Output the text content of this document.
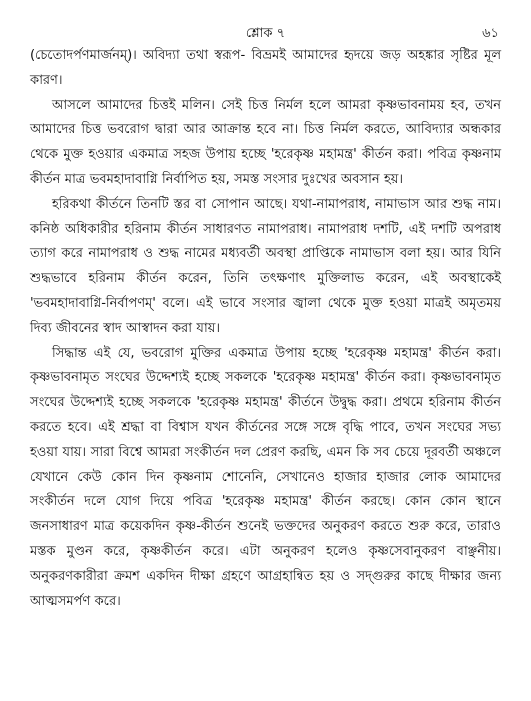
শ্লোক ৭	৬১

(চেতোদর্পণমার্জনম্)। অবিদ্যা তথা স্বরূপ- বিভ্রমই আমাদের হৃদয়ে জড় অহঙ্কার সৃষ্টির মূল কারণ।

আসলে আমাদের চিত্তই মলিন। সেই চিত্ত নির্মল হলে আমরা কৃষ্ণভাবনাময় হব, তখন আমাদের চিত্ত ভবরোগ দ্বারা আর আক্রান্ত হবে না। চিত্ত নির্মল করতে, আবিদ্যার অন্ধকার থেকে মুক্ত হওয়ার একমাত্র সহজ উপায় হচ্ছে 'হরেকৃষ্ণ মহামন্ত্র' কীর্তন করা। পবিত্র কৃষ্ণনাম কীর্তন মাত্র ভবমহাদাবাগ্নি নির্বাপিত হয়, সমস্ত সংসার দুঃখের অবসান হয়।

হরিকথা কীর্তনে তিনটি স্তর বা সোপান আছে। যথা-নামাপরাধ, নামাভাস আর শুদ্ধ নাম। কনিষ্ঠ অধিকারীর হরিনাম কীর্তন সাধারণত নামাপরাধ। নামাপরাধ দশটি, এই দশটি অপরাধ ত্যাগ করে নামাপরাধ ও শুদ্ধ নামের মধ্যবর্তী অবস্থা প্রাপ্তিকে নামাভাস বলা হয়। আর যিনি শুদ্ধভাবে হরিনাম কীর্তন করেন, তিনি তৎক্ষণাৎ মুক্তিলাভ করেন, এই অবস্থাকেই 'ভবমহাদাবাগ্নি-নির্বাপণম্' বলে। এই ভাবে সংসার জ্বালা থেকে মুক্ত হওয়া মাত্রই অমৃতময় দিব্য জীবনের স্বাদ আস্বাদন করা যায়।

সিদ্ধান্ত এই যে, ভবরোগ মুক্তির একমাত্র উপায় হচ্ছে 'হরেকৃষ্ণ মহামন্ত্র' কীর্তন করা। কৃষ্ণভাবনামৃত সংঘের উদ্দেশ্যই হচ্ছে সকলকে 'হরেকৃষ্ণ মহামন্ত্র' কীর্তন করা। কৃষ্ণভাবনামৃত সংঘের উদ্দেশ্যই হচ্ছে সকলকে 'হরেকৃষ্ণ মহামন্ত্র' কীর্তনে উদ্বুদ্ধ করা। প্রথমে হরিনাম কীর্তন করতে হবে। এই শ্রদ্ধা বা বিশ্বাস যখন কীর্তনের সঙ্গে সঙ্গে বৃদ্ধি পাবে, তখন সংঘের সভ্য হওয়া যায়। সারা বিশ্বে আমরা সংকীর্তন দল প্রেরণ করছি, এমন কি সব চেয়ে দূরবর্তী অঞ্চলে যেখানে কেউ কোন দিন কৃষ্ণনাম শোনেনি, সেখানেও হাজার হাজার লোক আমাদের সংকীর্তন দলে যোগ দিয়ে পবিত্র 'হরেকৃষ্ণ মহামন্ত্র' কীর্তন করছে। কোন কোন স্থানে জনসাধারণ মাত্র কয়েকদিন কৃষ্ণ-কীর্তন শুনেই ভক্তদের অনুকরণ করতে শুরু করে, তারাও মস্তক মুণ্ডন করে, কৃষ্ণকীর্তন করে। এটা অনুকরণ হলেও কৃষ্ণসেবানুকরণ বাঞ্ছনীয়। অনুকরণকারীরা ক্রমশ একদিন দীক্ষা গ্রহণে আগ্রহান্বিত হয় ও সদ্গুরুর কাছে দীক্ষার জন্য আত্মসমর্পণ করে।
